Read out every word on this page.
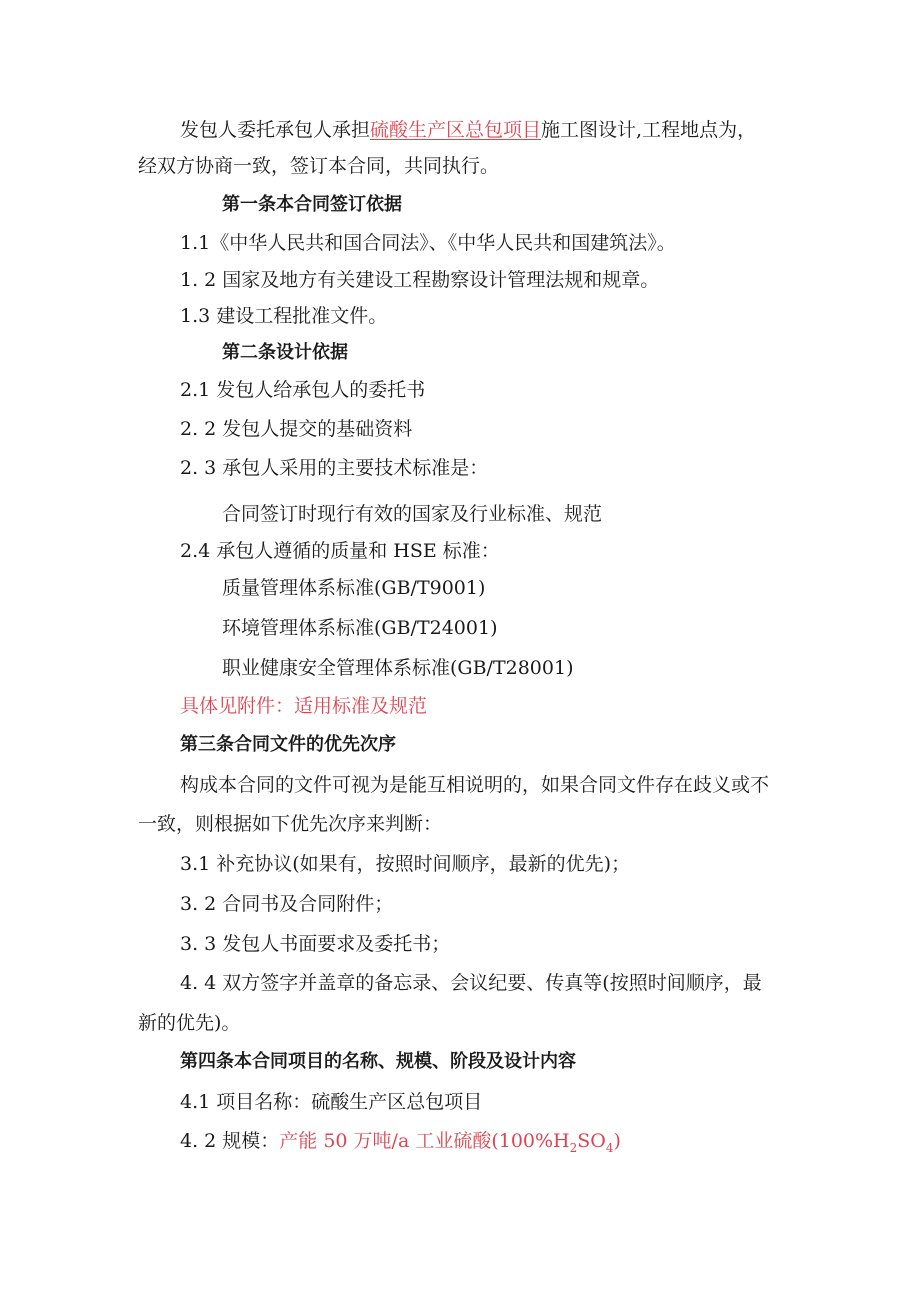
发包人委托承包人承担硫酸生产区总包项目施工图设计,工程地点为，
经双方协商一致，签订本合同，共同执行。
第一条本合同签订依据
1.1《中华人民共和国合同法》、《中华人民共和国建筑法》。
1. 2 国家及地方有关建设工程勘察设计管理法规和规章。
1.3 建设工程批准文件。
第二条设计依据
2.1 发包人给承包人的委托书
2. 2 发包人提交的基础资料
2. 3 承包人采用的主要技术标准是：
合同签订时现行有效的国家及行业标准、规范
2.4 承包人遵循的质量和 HSE 标准：
质量管理体系标准(GB/T9001)
环境管理体系标准(GB/T24001)
职业健康安全管理体系标准(GB/T28001)
具体见附件：适用标准及规范
第三条合同文件的优先次序
构成本合同的文件可视为是能互相说明的，如果合同文件存在歧义或不
一致，则根据如下优先次序来判断：
3.1 补充协议(如果有，按照时间顺序，最新的优先)；
3. 2 合同书及合同附件；
3. 3 发包人书面要求及委托书；
4. 4 双方签字并盖章的备忘录、会议纪要、传真等(按照时间顺序，最
新的优先)。
第四条本合同项目的名称、规模、阶段及设计内容
4.1 项目名称：硫酸生产区总包项目
4. 2 规模：产能 50 万吨/a 工业硫酸$(100\%H_2SO_4)$
